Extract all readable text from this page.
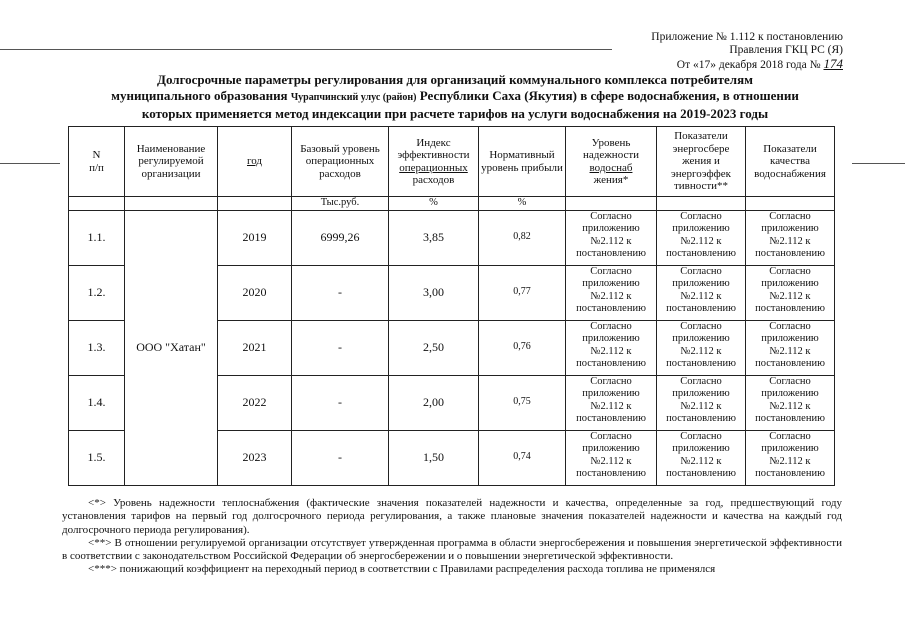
Приложение № 1.112 к постановлению
Правления ГКЦ РС (Я)
От «17» декабря 2018 года № 174
Долгосрочные параметры регулирования для организаций коммунального комплекса потребителям
муниципального образования Чурапчинский улус (район) Республики Саха (Якутия) в сфере водоснабжения, в отношении
которых применяется метод индексации при расчете тарифов на услуги водоснабжения на 2019-2023 годы
N
п/п	Наименование регулируемой организации	год	Базовый уровень операционных расходов	Индекс эффективности
операционных
расходов	Нормативный уровень прибыли	Уровень надежности
водоснаб
жения*	Показатели энергосбере жения и энергоэффек тивности**	Показатели качества водоснабжения
			Тыс.руб.	%	%			
1.1.	ООО "Хатан"	2019	6999,26	3,85	0,82	Согласно
приложению
№2.112 к
постановлению	Согласно
приложению
№2.112 к
постановлению	Согласно
приложению
№2.112 к
постановлению
1.2.		2020	-	3,00	0,77	Согласно
приложению
№2.112 к
постановлению	Согласно
приложению
№2.112 к
постановлению	Согласно
приложению
№2.112 к
постановлению
1.3.		2021	-	2,50	0,76	Согласно
приложению
№2.112 к
постановлению	Согласно
приложению
№2.112 к
постановлению	Согласно
приложению
№2.112 к
постановлению
1.4.		2022	-	2,00	0,75	Согласно
приложению
№2.112 к
постановлению	Согласно
приложению
№2.112 к
постановлению	Согласно
приложению
№2.112 к
постановлению
1.5.		2023	-	1,50	0,74	Согласно
приложению
№2.112 к
постановлению	Согласно
приложению
№2.112 к
постановлению	Согласно
приложению
№2.112 к
постановлению

<*> Уровень надежности теплоснабжения (фактические значения показателей надежности и качества, определенные за год, предшествующий году установления тарифов на первый год долгосрочного периода регулирования, а также плановые значения показателей надежности и качества на каждый год долгосрочного периода регулирования).

<**> В отношении регулируемой организации отсутствует утвержденная программа в области энергосбережения и повышения энергетической эффективности в соответствии с законодательством Российской Федерации об энергосбережении и о повышении энергетической эффективности.

<***> понижающий коэффициент на переходный период в соответствии с Правилами распределения расхода топлива не применялся
